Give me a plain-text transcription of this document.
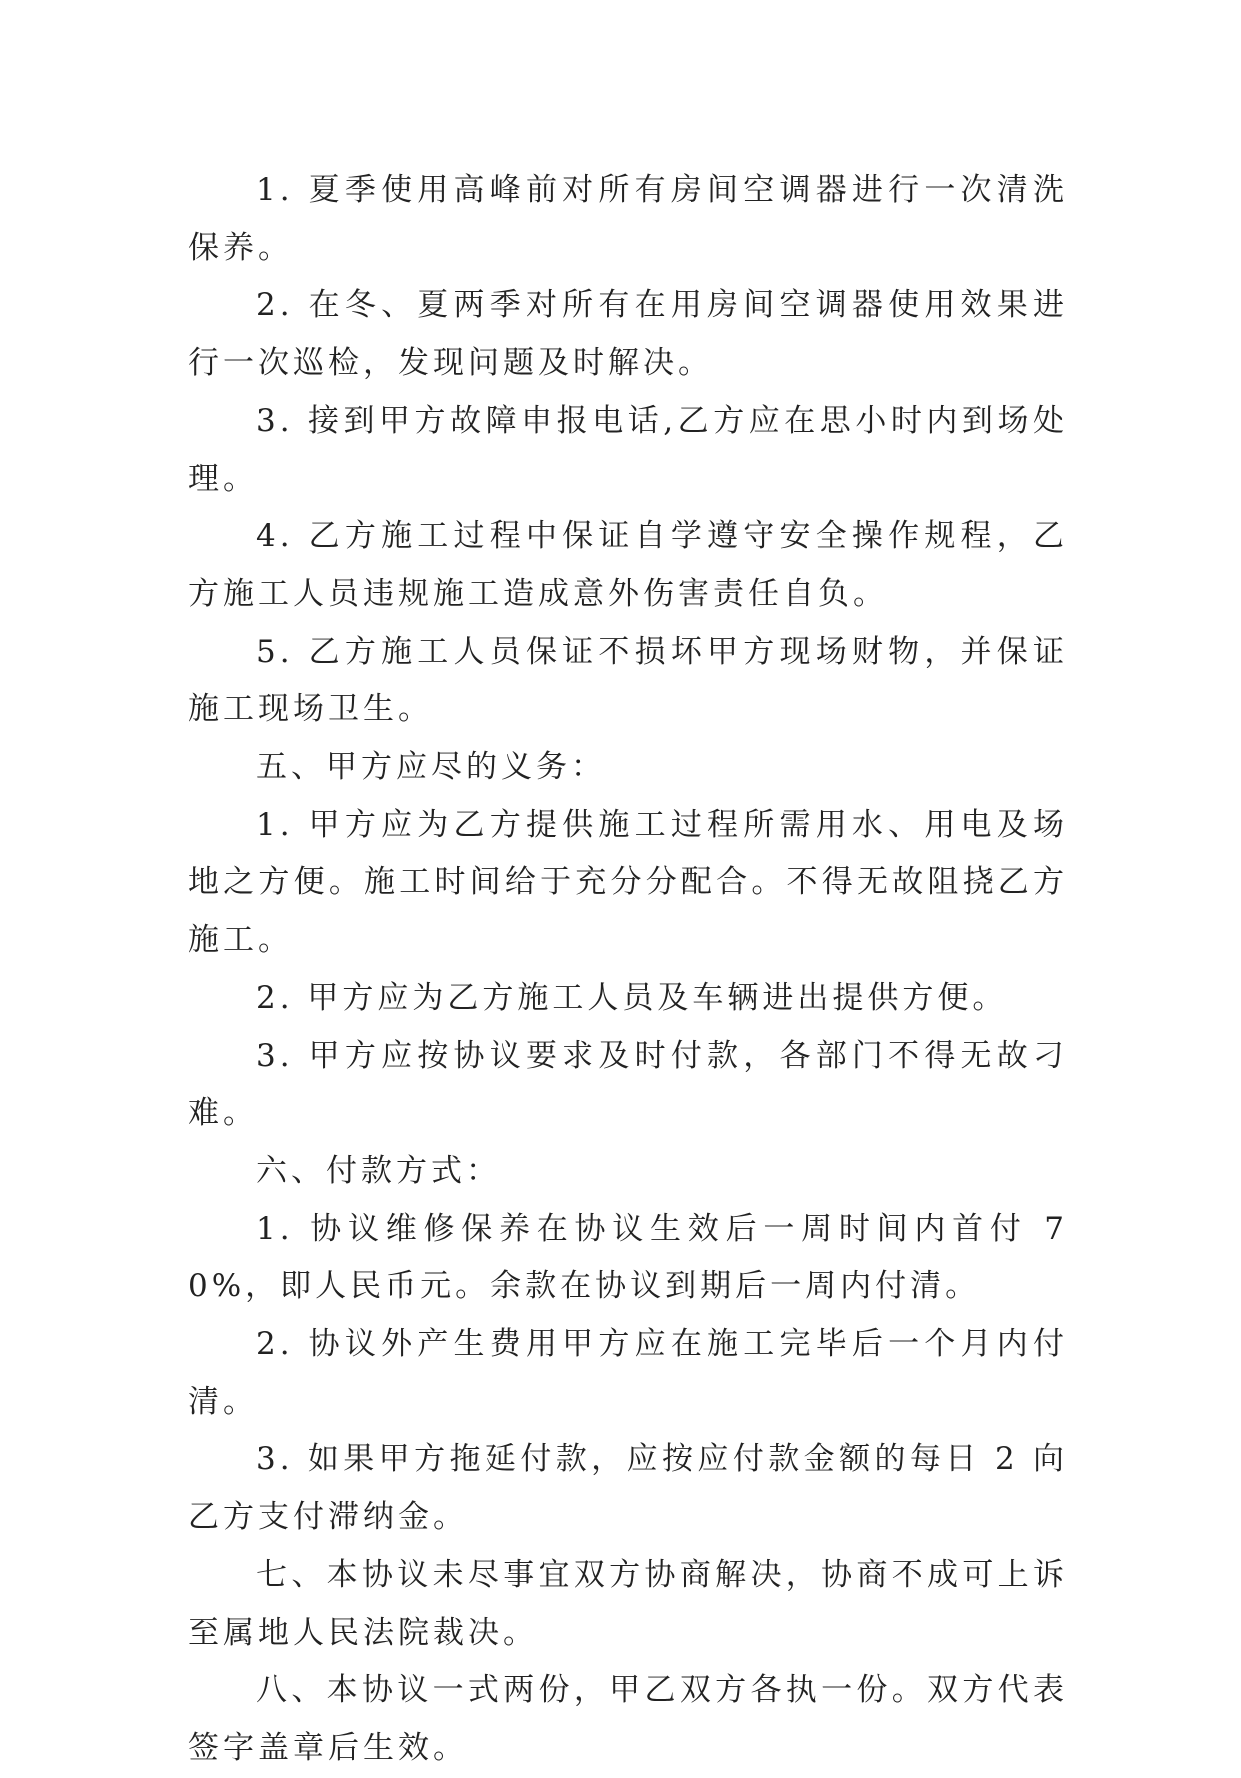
1. 夏季使用高峰前对所有房间空调器进行一次清洗保养。

2. 在冬、夏两季对所有在用房间空调器使用效果进行一次巡检，发现问题及时解决。

3. 接到甲方故障申报电话,乙方应在思小时内到场处理。

4. 乙方施工过程中保证自学遵守安全操作规程，乙方施工人员违规施工造成意外伤害责任自负。

5. 乙方施工人员保证不损坏甲方现场财物，并保证施工现场卫生。

五、甲方应尽的义务：

1. 甲方应为乙方提供施工过程所需用水、用电及场地之方便。施工时间给于充分分配合。不得无故阻挠乙方施工。

2. 甲方应为乙方施工人员及车辆进出提供方便。

3. 甲方应按协议要求及时付款，各部门不得无故刁难。

六、付款方式：

1. 协议维修保养在协议生效后一周时间内首付 70%，即人民币元。余款在协议到期后一周内付清。

2. 协议外产生费用甲方应在施工完毕后一个月内付清。

3. 如果甲方拖延付款，应按应付款金额的每日 2 向乙方支付滞纳金。

七、本协议未尽事宜双方协商解决，协商不成可上诉至属地人民法院裁决。

八、本协议一式两份，甲乙双方各执一份。双方代表签字盖章后生效。
